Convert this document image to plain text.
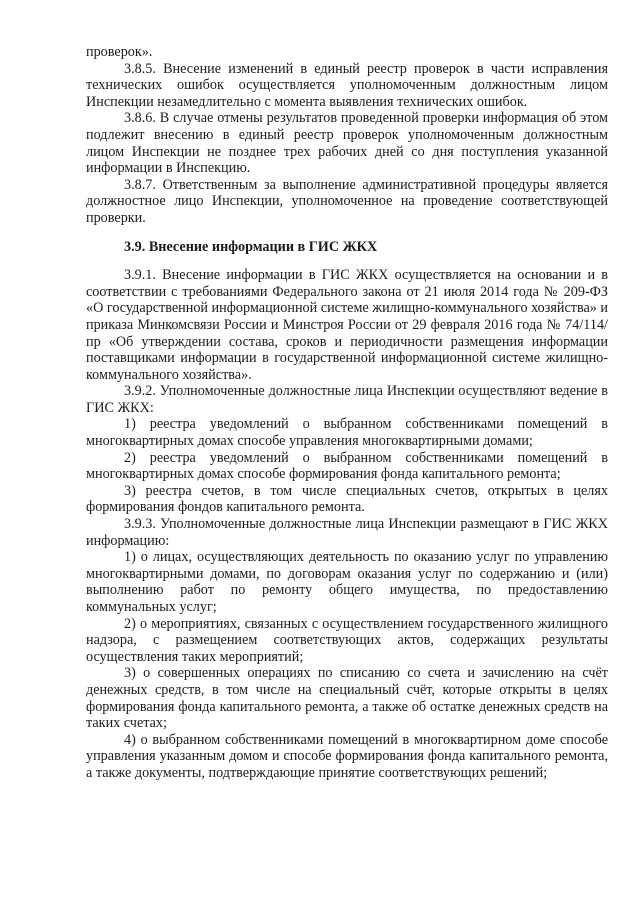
проверок».

3.8.5. Внесение изменений в единый реестр проверок в части исправления технических ошибок осуществляется уполномоченным должностным лицом Инспекции незамедлительно с момента выявления технических ошибок.

3.8.6. В случае отмены результатов проведенной проверки информация об этом подлежит внесению в единый реестр проверок уполномоченным должностным лицом Инспекции не позднее трех рабочих дней со дня поступления указанной информации в Инспекцию.

3.8.7. Ответственным за выполнение административной процедуры является должностное лицо Инспекции, уполномоченное на проведение соответствующей проверки.

3.9. Внесение информации в ГИС ЖКХ

3.9.1. Внесение информации в ГИС ЖКХ осуществляется на основании и в соответствии с требованиями Федерального закона от 21 июля 2014 года № 209-ФЗ «О государственной информационной системе жилищно-коммунального хозяйства» и приказа Минкомсвязи России и Минстроя России от 29 февраля 2016 года № 74/114/пр «Об утверждении состава, сроков и периодичности размещения информации поставщиками информации в государственной информационной системе жилищно-коммунального хозяйства».

3.9.2. Уполномоченные должностные лица Инспекции осуществляют ведение в ГИС ЖКХ:

1) реестра уведомлений о выбранном собственниками помещений в многоквартирных домах способе управления многоквартирными домами;

2) реестра уведомлений о выбранном собственниками помещений в многоквартирных домах способе формирования фонда капитального ремонта;

3) реестра счетов, в том числе специальных счетов, открытых в целях формирования фондов капитального ремонта.

3.9.3. Уполномоченные должностные лица Инспекции размещают в ГИС ЖКХ информацию:

1) о лицах, осуществляющих деятельность по оказанию услуг по управлению многоквартирными домами, по договорам оказания услуг по содержанию и (или) выполнению работ по ремонту общего имущества, по предоставлению коммунальных услуг;

2) о мероприятиях, связанных с осуществлением государственного жилищного надзора, с размещением соответствующих актов, содержащих результаты осуществления таких мероприятий;

3) о совершенных операциях по списанию со счета и зачислению на счёт денежных средств, в том числе на специальный счёт, которые открыты в целях формирования фонда капитального ремонта, а также об остатке денежных средств на таких счетах;

4) о выбранном собственниками помещений в многоквартирном доме способе управления указанным домом и способе формирования фонда капитального ремонта, а также документы, подтверждающие принятие соответствующих решений;
